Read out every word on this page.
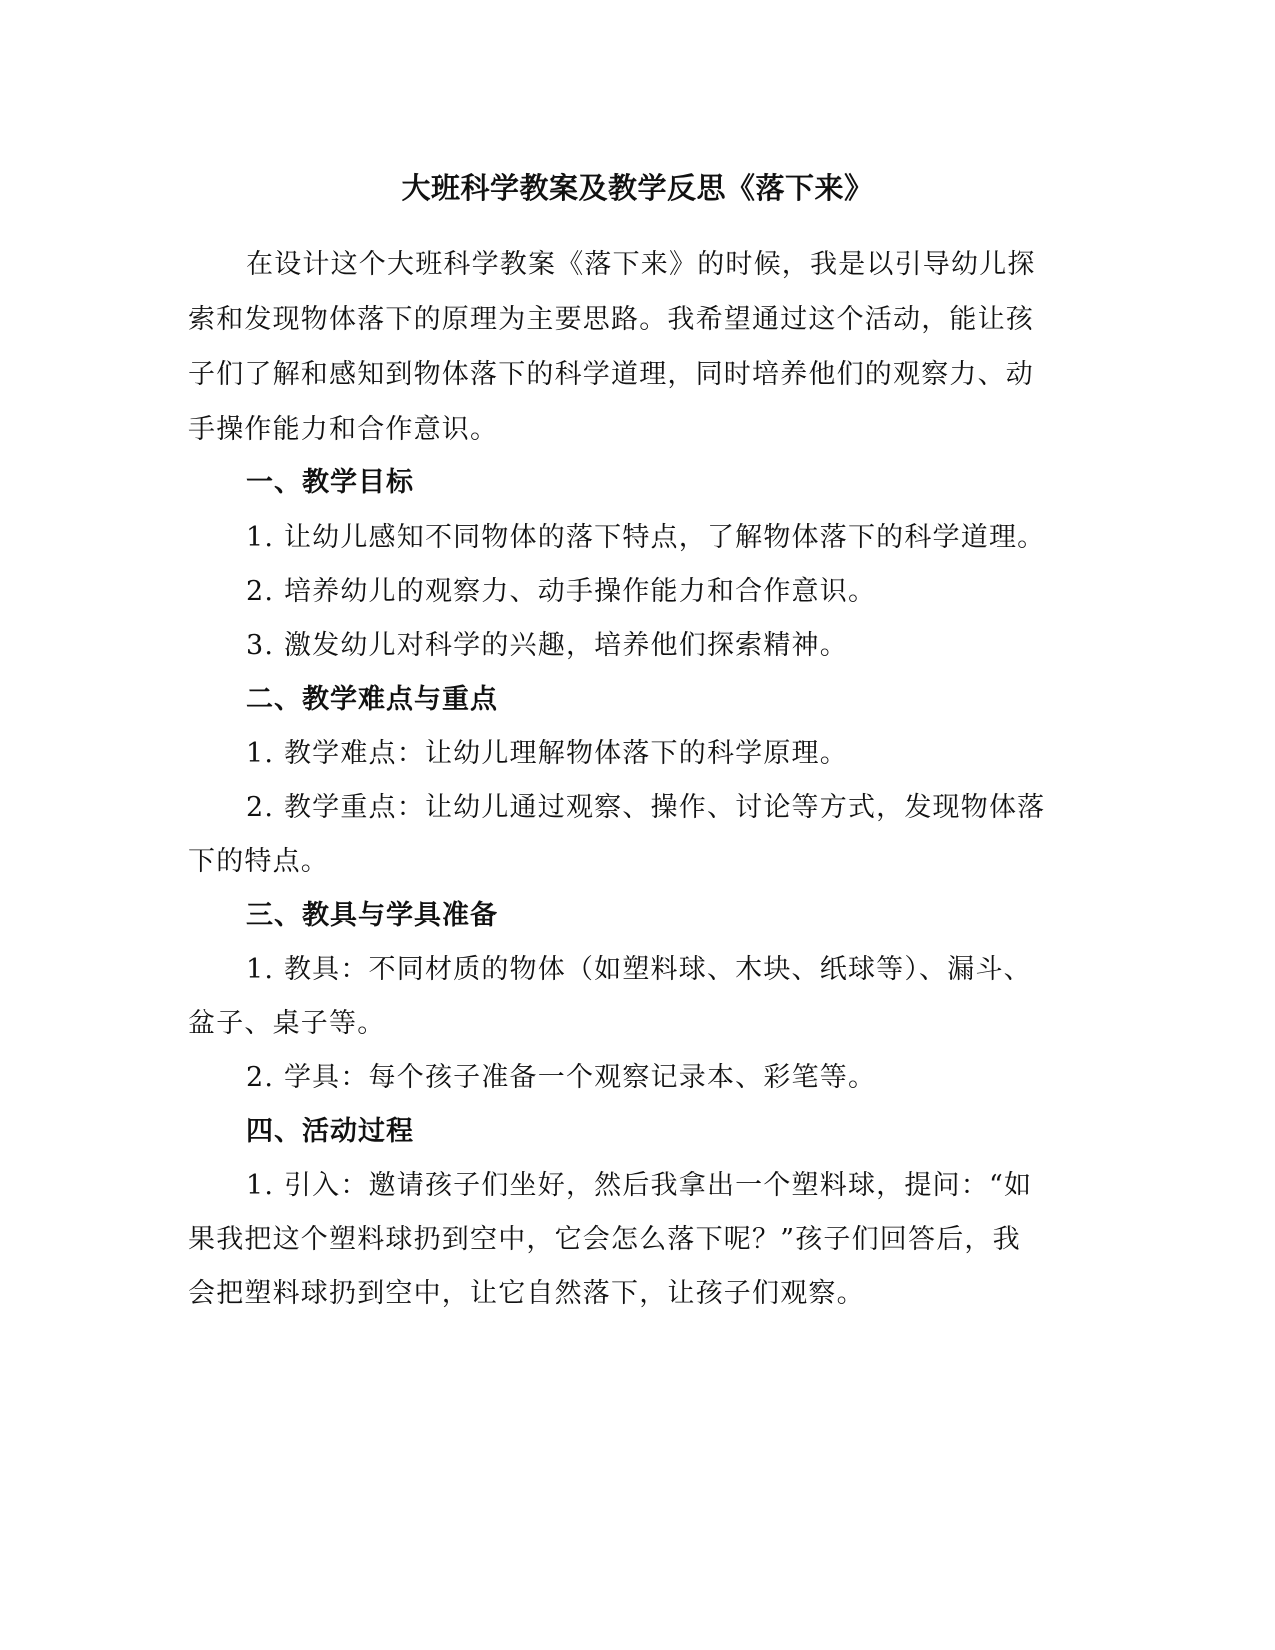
大班科学教案及教学反思《落下来》
在设计这个大班科学教案《落下来》的时候，我是以引导幼儿探
索和发现物体落下的原理为主要思路。我希望通过这个活动，能让孩
子们了解和感知到物体落下的科学道理，同时培养他们的观察力、动
手操作能力和合作意识。
一、教学目标
1. 让幼儿感知不同物体的落下特点，了解物体落下的科学道理。
2. 培养幼儿的观察力、动手操作能力和合作意识。
3. 激发幼儿对科学的兴趣，培养他们探索精神。
二、教学难点与重点
1. 教学难点：让幼儿理解物体落下的科学原理。
2. 教学重点：让幼儿通过观察、操作、讨论等方式，发现物体落
下的特点。
三、教具与学具准备
1. 教具：不同材质的物体（如塑料球、木块、纸球等）、漏斗、
盆子、桌子等。
2. 学具：每个孩子准备一个观察记录本、彩笔等。
四、活动过程
1. 引入：邀请孩子们坐好，然后我拿出一个塑料球，提问：“如
果我把这个塑料球扔到空中，它会怎么落下呢？”孩子们回答后，我
会把塑料球扔到空中，让它自然落下，让孩子们观察。
